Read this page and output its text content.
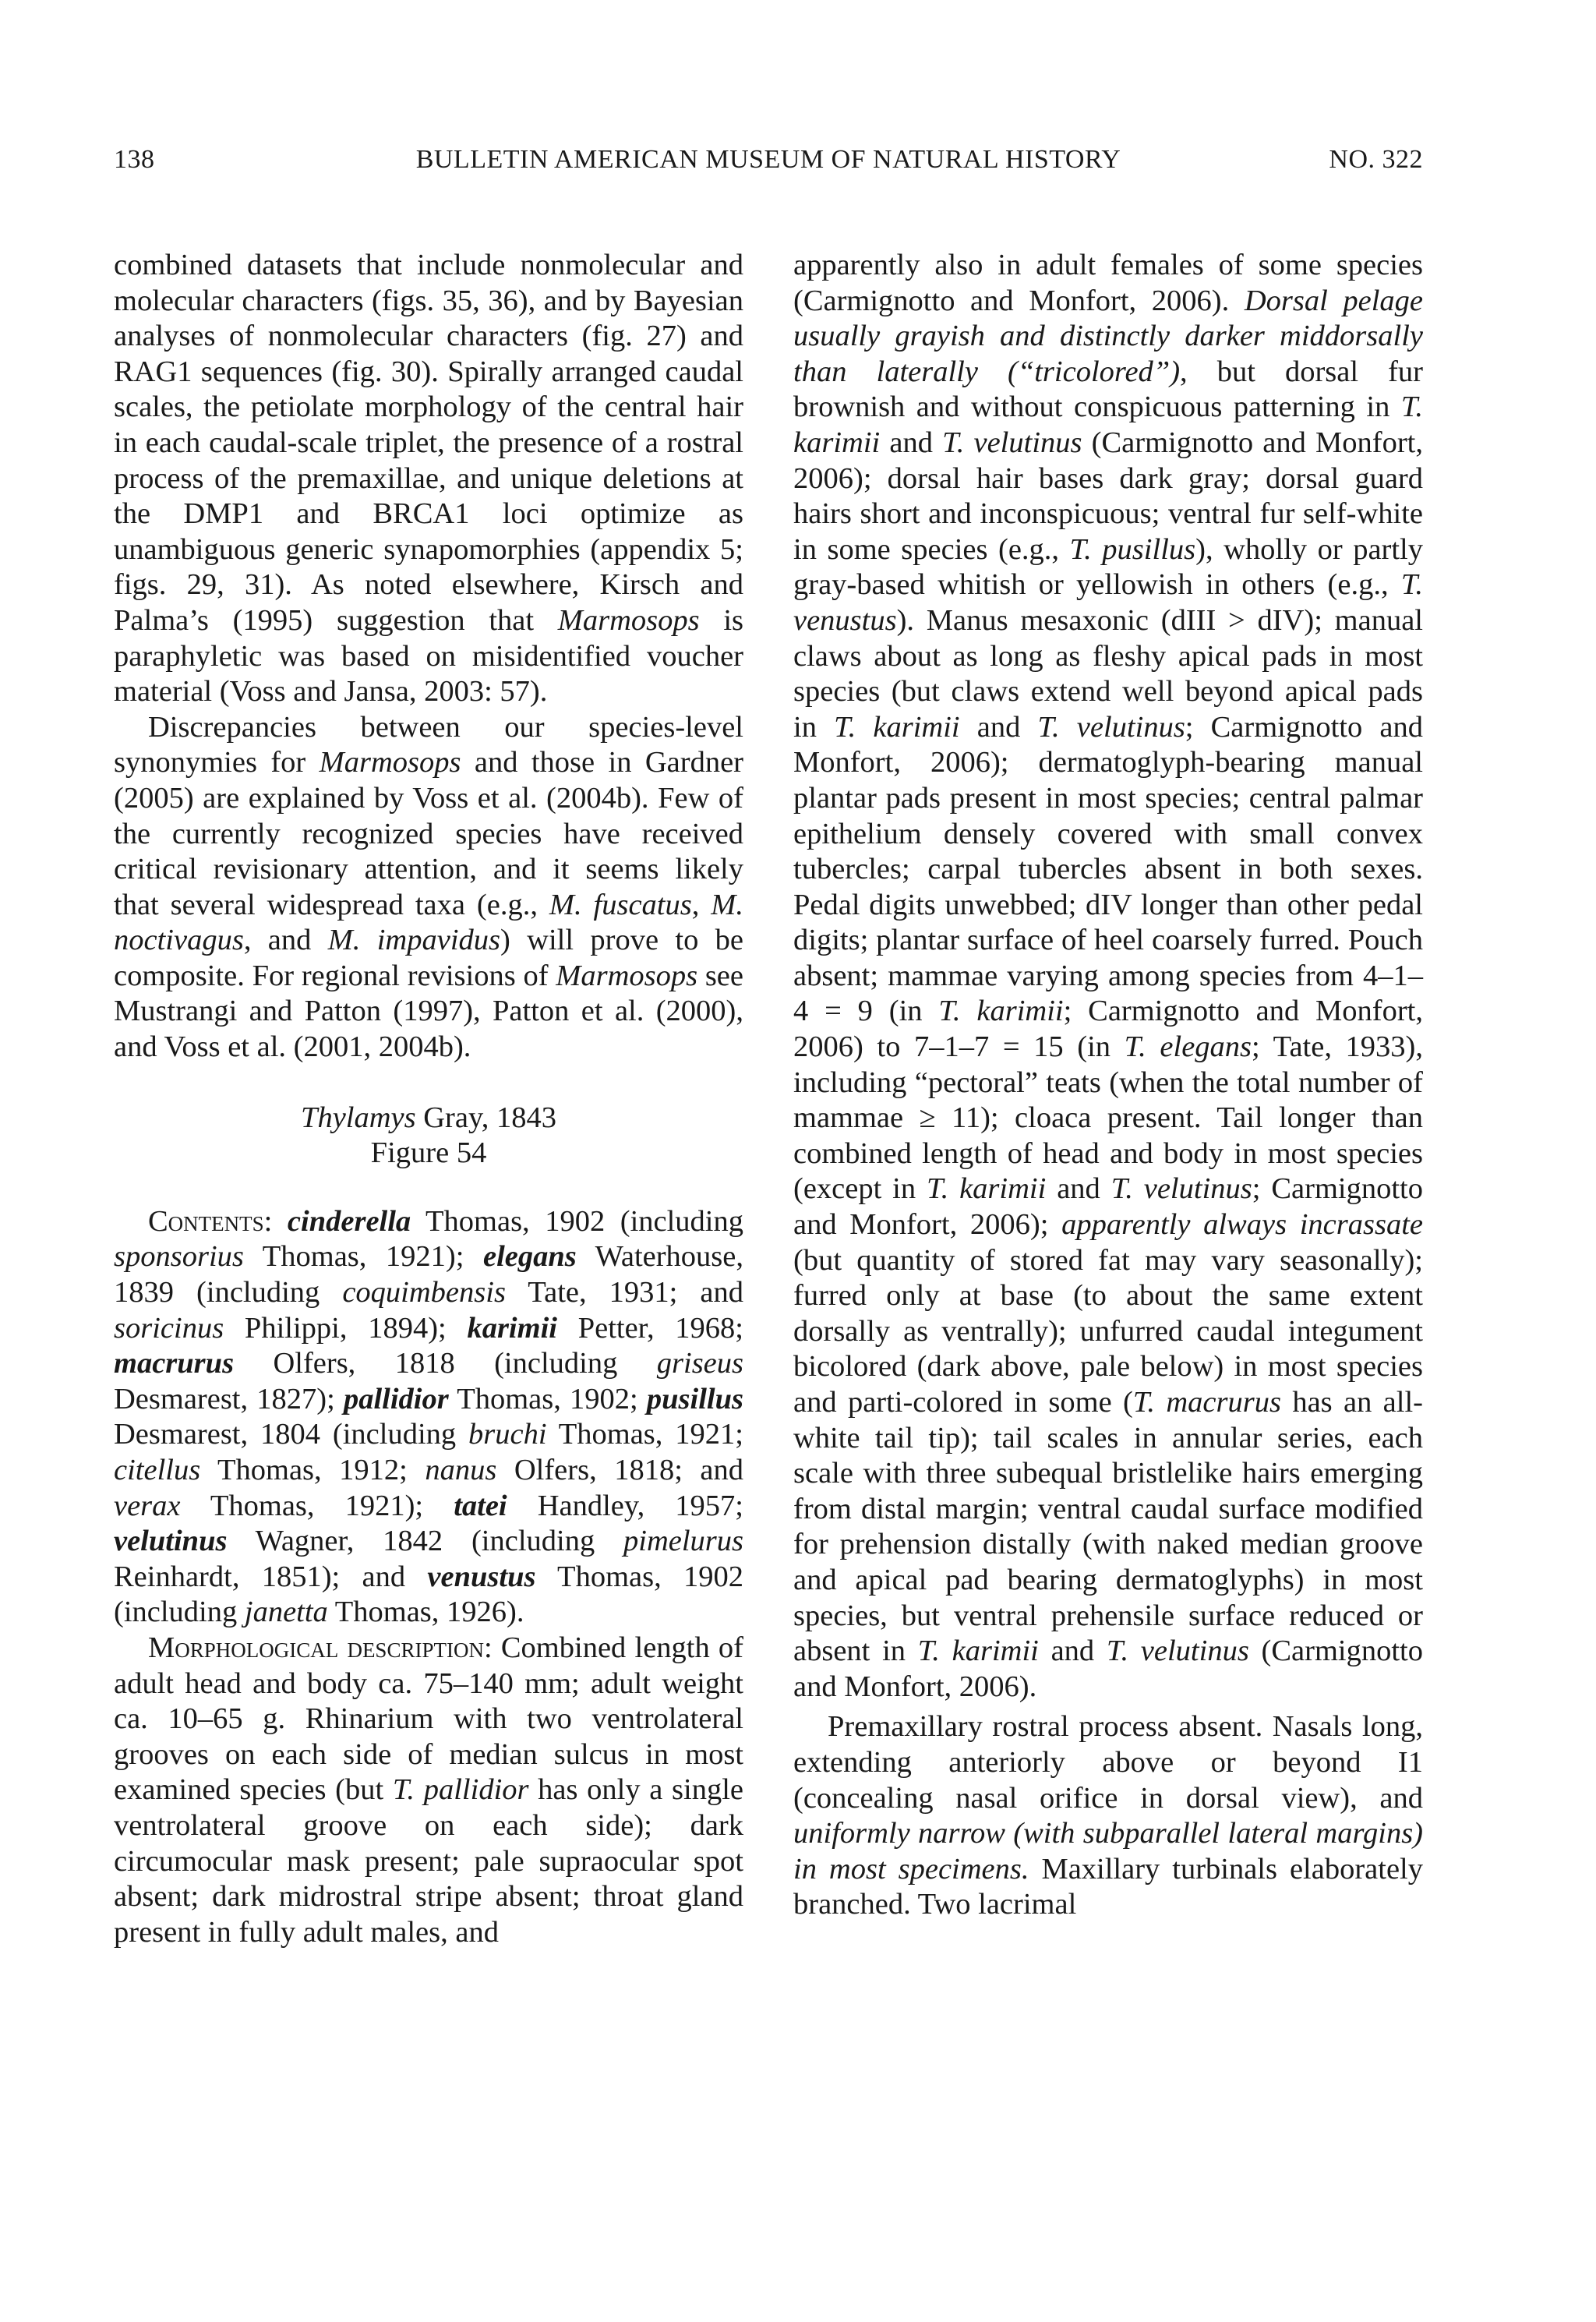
138	BULLETIN AMERICAN MUSEUM OF NATURAL HISTORY	NO. 322

combined datasets that include nonmolecular and molecular characters (figs. 35, 36), and by Bayesian analyses of nonmolecular characters (fig. 27) and RAG1 sequences (fig. 30). Spirally arranged caudal scales, the petiolate morphology of the central hair in each caudal-scale triplet, the presence of a rostral process of the premaxillae, and unique deletions at the DMP1 and BRCA1 loci optimize as unambiguous generic synapomorphies (appendix 5; figs. 29, 31). As noted elsewhere, Kirsch and Palma’s (1995) suggestion that Marmosops is paraphyletic was based on misidentified voucher material (Voss and Jansa, 2003: 57).

Discrepancies between our species-level synonymies for Marmosops and those in Gardner (2005) are explained by Voss et al. (2004b). Few of the currently recognized species have received critical revisionary attention, and it seems likely that several widespread taxa (e.g., M. fuscatus, M. noctivagus, and M. impavidus) will prove to be composite. For regional revisions of Marmosops see Mustrangi and Patton (1997), Patton et al. (2000), and Voss et al. (2001, 2004b).

Thylamys Gray, 1843
Figure 54

Contents: cinderella Thomas, 1902 (including sponsorius Thomas, 1921); elegans Waterhouse, 1839 (including coquimbensis Tate, 1931; and soricinus Philippi, 1894); karimii Petter, 1968; macrurus Olfers, 1818 (including griseus Desmarest, 1827); pallidior Thomas, 1902; pusillus Desmarest, 1804 (including bruchi Thomas, 1921; citellus Thomas, 1912; nanus Olfers, 1818; and verax Thomas, 1921); tatei Handley, 1957; velutinus Wagner, 1842 (including pimelurus Reinhardt, 1851); and venustus Thomas, 1902 (including janetta Thomas, 1926).

Morphological description: Combined length of adult head and body ca. 75–140 mm; adult weight ca. 10–65 g. Rhinarium with two ventrolateral grooves on each side of median sulcus in most examined species (but T. pallidior has only a single ventrolateral groove on each side); dark circumocular mask present; pale supraocular spot absent; dark midrostral stripe absent; throat gland present in fully adult males, and

apparently also in adult females of some species (Carmignotto and Monfort, 2006). Dorsal pelage usually grayish and distinctly darker middorsally than laterally (“tricolored”), but dorsal fur brownish and without conspicuous patterning in T. karimii and T. velutinus (Carmignotto and Monfort, 2006); dorsal hair bases dark gray; dorsal guard hairs short and inconspicuous; ventral fur self-white in some species (e.g., T. pusillus), wholly or partly gray-based whitish or yellowish in others (e.g., T. venustus). Manus mesaxonic (dIII > dIV); manual claws about as long as fleshy apical pads in most species (but claws extend well beyond apical pads in T. karimii and T. velutinus; Carmignotto and Monfort, 2006); dermatoglyph-bearing manual plantar pads present in most species; central palmar epithelium densely covered with small convex tubercles; carpal tubercles absent in both sexes. Pedal digits unwebbed; dIV longer than other pedal digits; plantar surface of heel coarsely furred. Pouch absent; mammae varying among species from 4–1–4 = 9 (in T. karimii; Carmignotto and Monfort, 2006) to 7–1–7 = 15 (in T. elegans; Tate, 1933), including “pectoral” teats (when the total number of mammae ≥ 11); cloaca present. Tail longer than combined length of head and body in most species (except in T. karimii and T. velutinus; Carmignotto and Monfort, 2006); apparently always incrassate (but quantity of stored fat may vary seasonally); furred only at base (to about the same extent dorsally as ventrally); unfurred caudal integument bicolored (dark above, pale below) in most species and parti-colored in some (T. macrurus has an all-white tail tip); tail scales in annular series, each scale with three subequal bristlelike hairs emerging from distal margin; ventral caudal surface modified for prehension distally (with naked median groove and apical pad bearing dermatoglyphs) in most species, but ventral prehensile surface reduced or absent in T. karimii and T. velutinus (Carmignotto and Monfort, 2006).

Premaxillary rostral process absent. Nasals long, extending anteriorly above or beyond I1 (concealing nasal orifice in dorsal view), and uniformly narrow (with subparallel lateral margins) in most specimens. Maxillary turbinals elaborately branched. Two lacrimal
